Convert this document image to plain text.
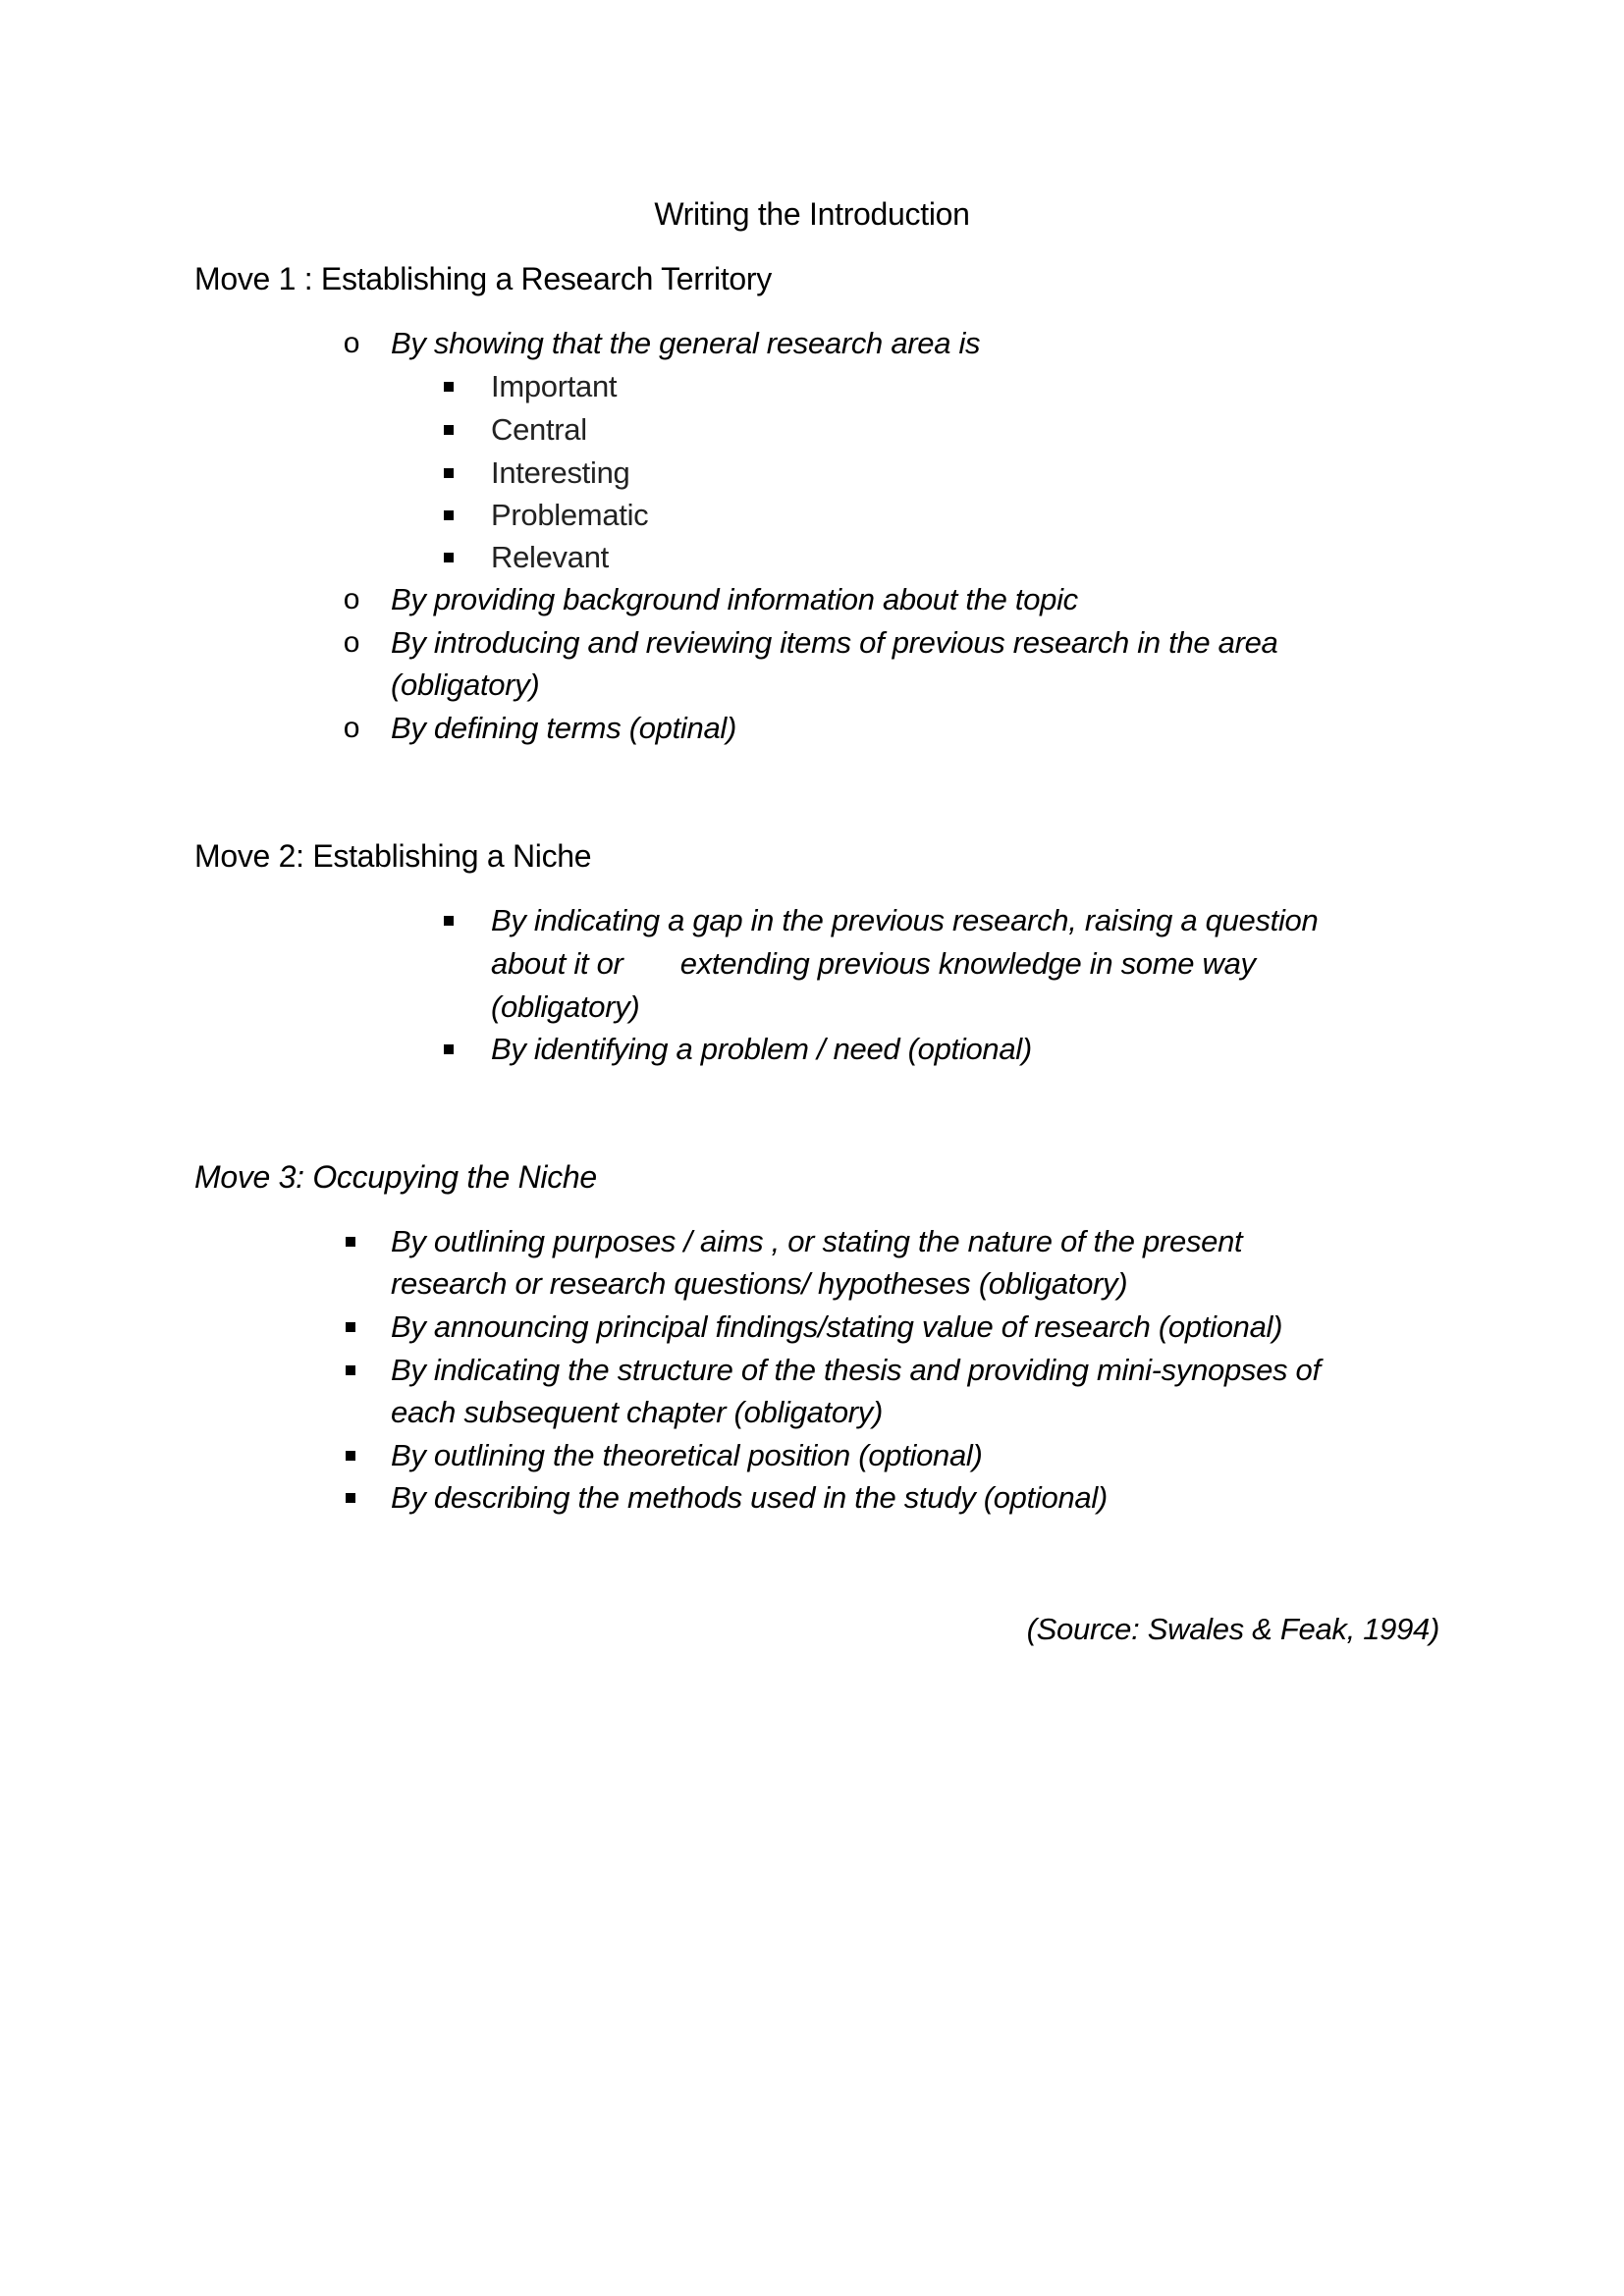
Writing the Introduction
Move 1 : Establishing a Research Territory
o By showing that the general research area is
Important
Central
Interesting
Problematic
Relevant
o By providing background information about the topic
o By introducing and reviewing items of previous research in the area
(obligatory)
o By defining terms (optinal)
Move 2: Establishing a Niche
By indicating a gap in the previous research, raising a question
about it or       extending previous knowledge in some way
(obligatory)
By identifying a problem / need (optional)
Move 3: Occupying the Niche
By outlining purposes / aims , or stating the nature of the present
research or research questions/ hypotheses (obligatory)
By announcing principal findings/stating value of research (optional)
By indicating the structure of the thesis and providing mini-synopses of
each subsequent chapter (obligatory)
By outlining the theoretical position (optional)
By describing the methods used in the study (optional)
(Source: Swales & Feak, 1994)
